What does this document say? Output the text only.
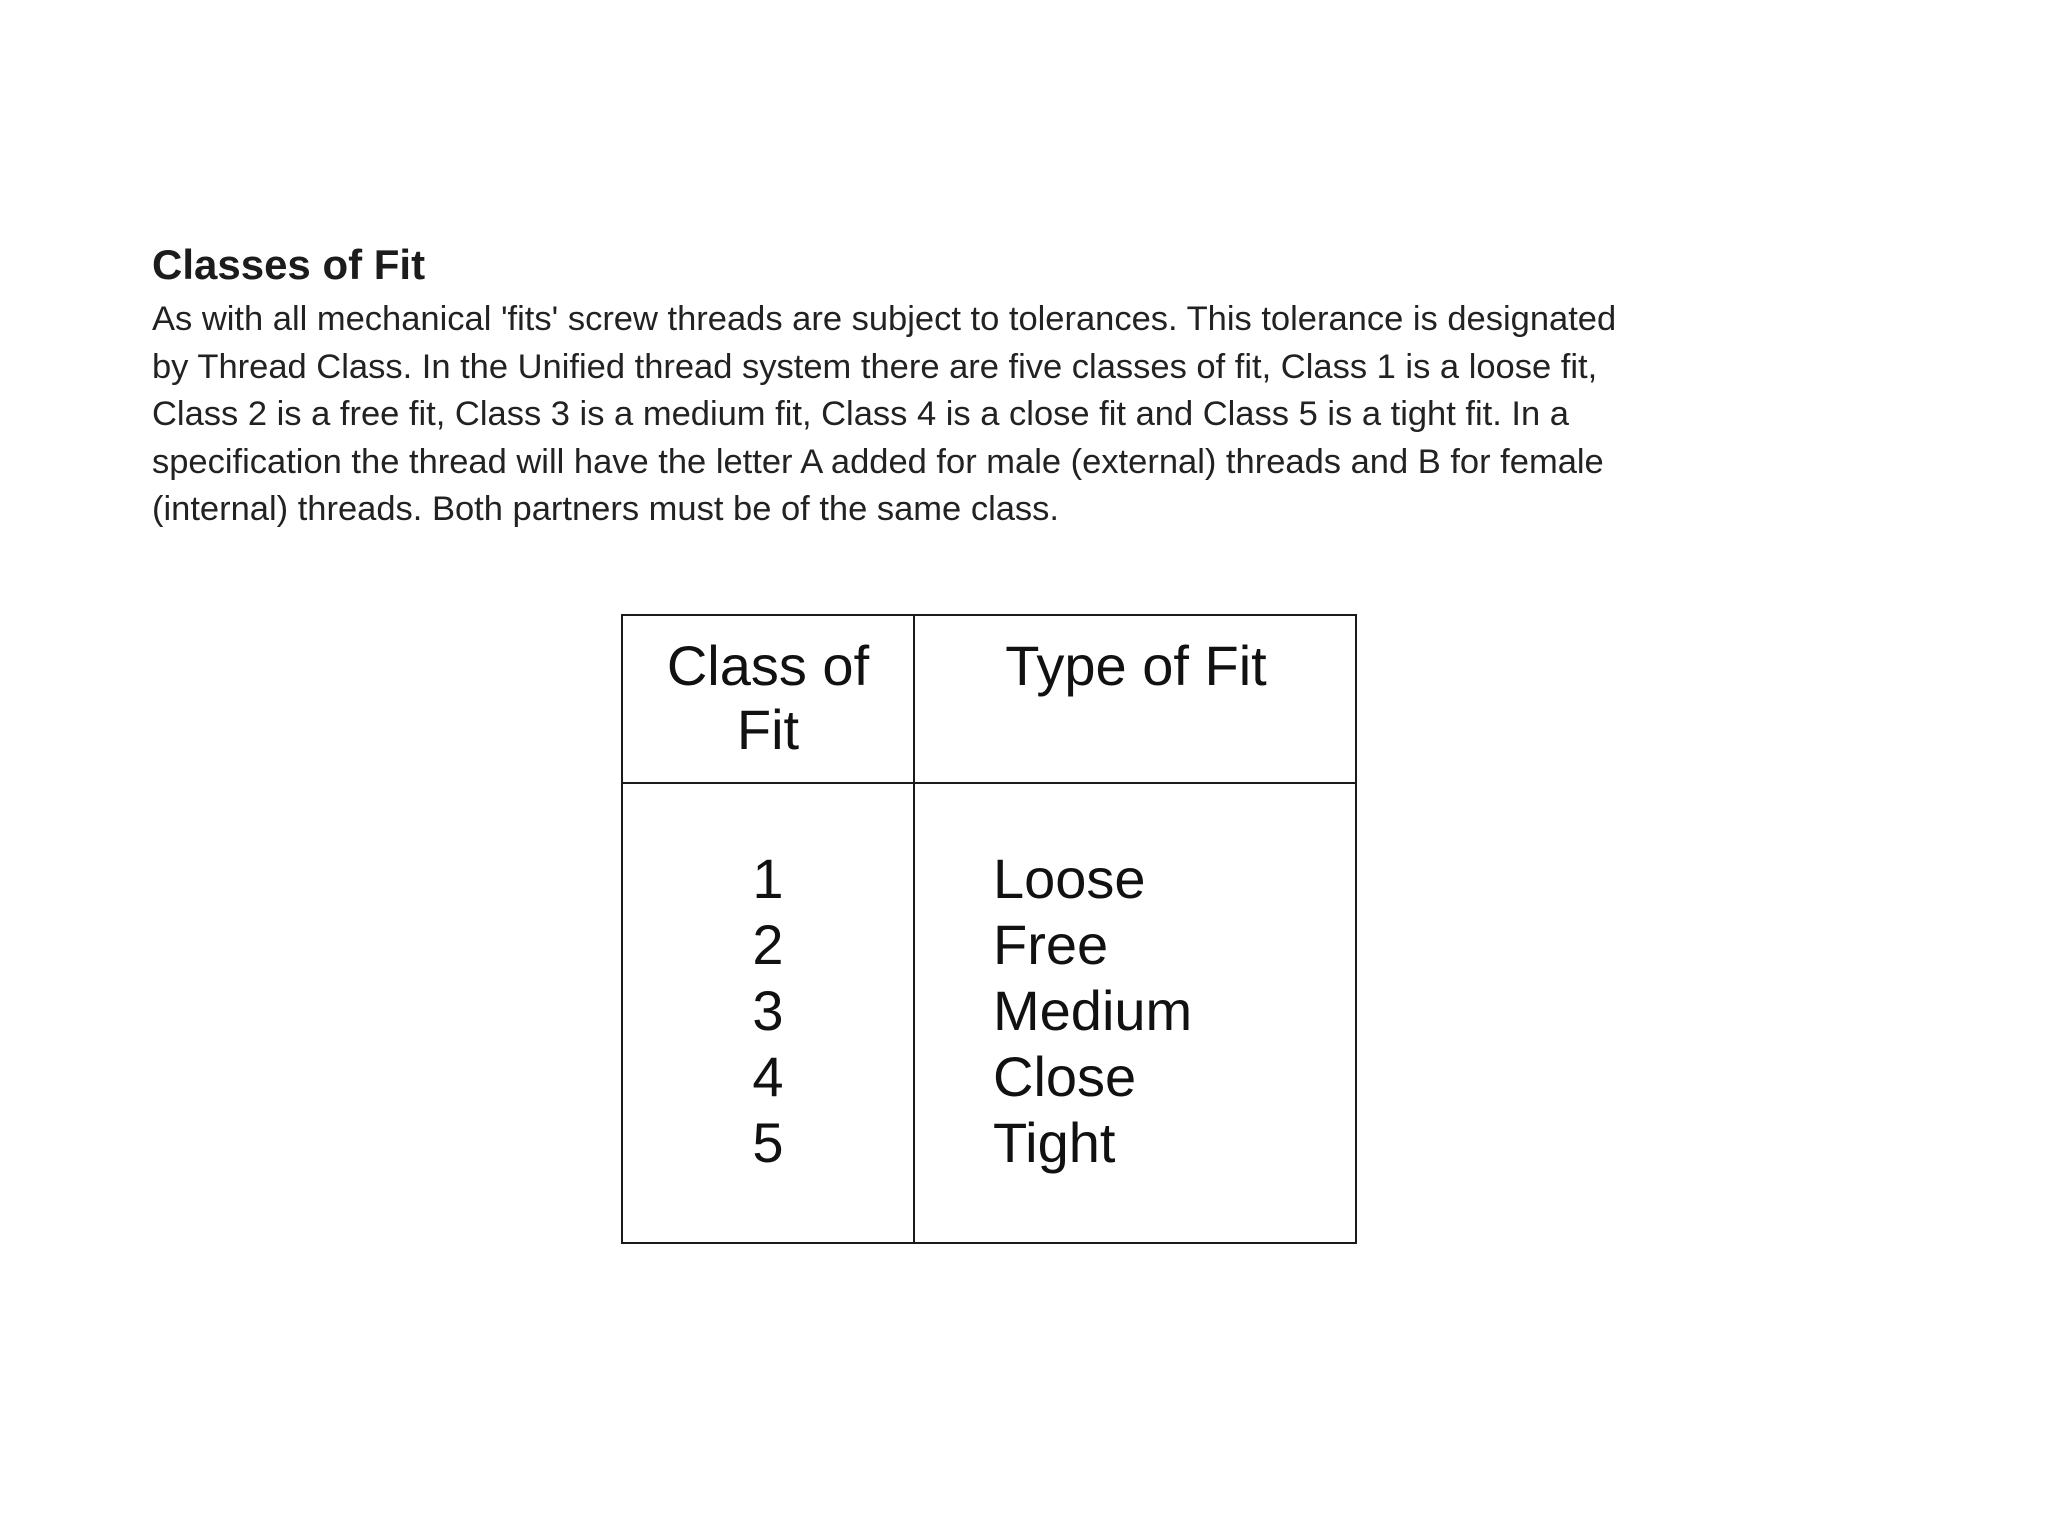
Classes of Fit

As with all mechanical 'fits' screw threads are subject to tolerances. This tolerance is designated
by Thread Class. In the Unified thread system there are five classes of fit, Class 1 is a loose fit,
Class 2 is a free fit, Class 3 is a medium fit, Class 4 is a close fit and Class 5 is a tight fit. In a
specification the thread will have the letter A added for male (external) threads and B for female
(internal) threads. Both partners must be of the same class.

Class of
Fit
Type of Fit
1
2
3
4
5
Loose
Free
Medium
Close
Tight
